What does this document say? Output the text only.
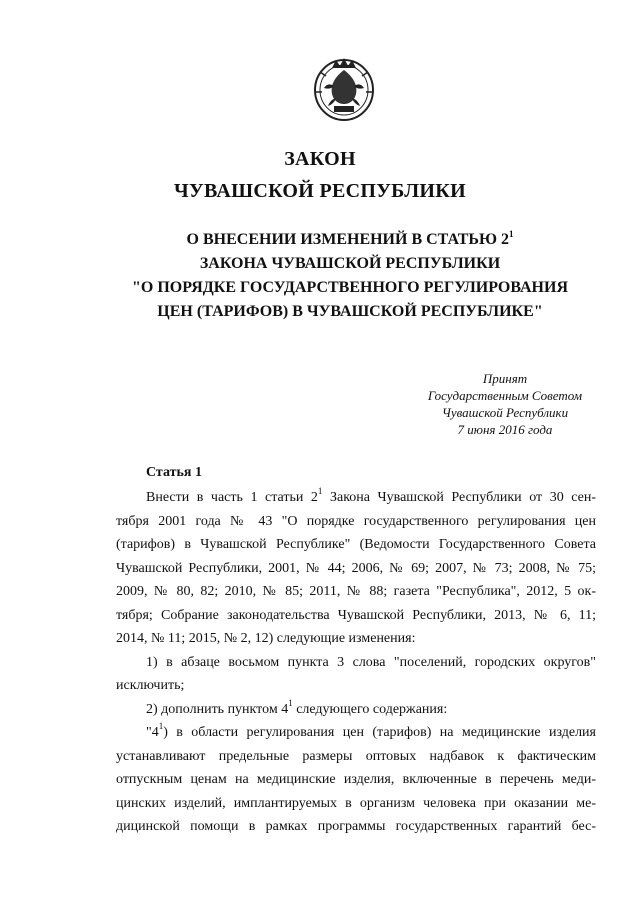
ЗАКОН
ЧУВАШСКОЙ РЕСПУБЛИКИ
О ВНЕСЕНИИ ИЗМЕНЕНИЙ В СТАТЬЮ $2^1$
ЗАКОНА ЧУВАШСКОЙ РЕСПУБЛИКИ
"О ПОРЯДКЕ ГОСУДАРСТВЕННОГО РЕГУЛИРОВАНИЯ
ЦЕН (ТАРИФОВ) В ЧУВАШСКОЙ РЕСПУБЛИКЕ"
Принят
Государственным Советом
Чувашской Республики
7 июня 2016 года
Статья 1
Внести в часть 1 статьи $2^1$ Закона Чувашской Республики от 30 сен-
тября 2001 года № 43 "О порядке государственного регулирования цен
(тарифов) в Чувашской Республике" (Ведомости Государственного Совета
Чувашской Республики, 2001, № 44; 2006, № 69; 2007, № 73; 2008, № 75;
2009, № 80, 82; 2010, № 85; 2011, № 88; газета "Республика", 2012, 5 ок-
тября; Собрание законодательства Чувашской Республики, 2013, № 6, 11;
2014, № 11; 2015, № 2, 12) следующие изменения:
1) в абзаце восьмом пункта 3 слова "поселений, городских округов"
исключить;
2) дополнить пунктом $4^1$ следующего содержания:
"$4^1$) в области регулирования цен (тарифов) на медицинские изделия
устанавливают предельные размеры оптовых надбавок к фактическим
отпускным ценам на медицинские изделия, включенные в перечень меди-
цинских изделий, имплантируемых в организм человека при оказании ме-
дицинской помощи в рамках программы государственных гарантий бес-
